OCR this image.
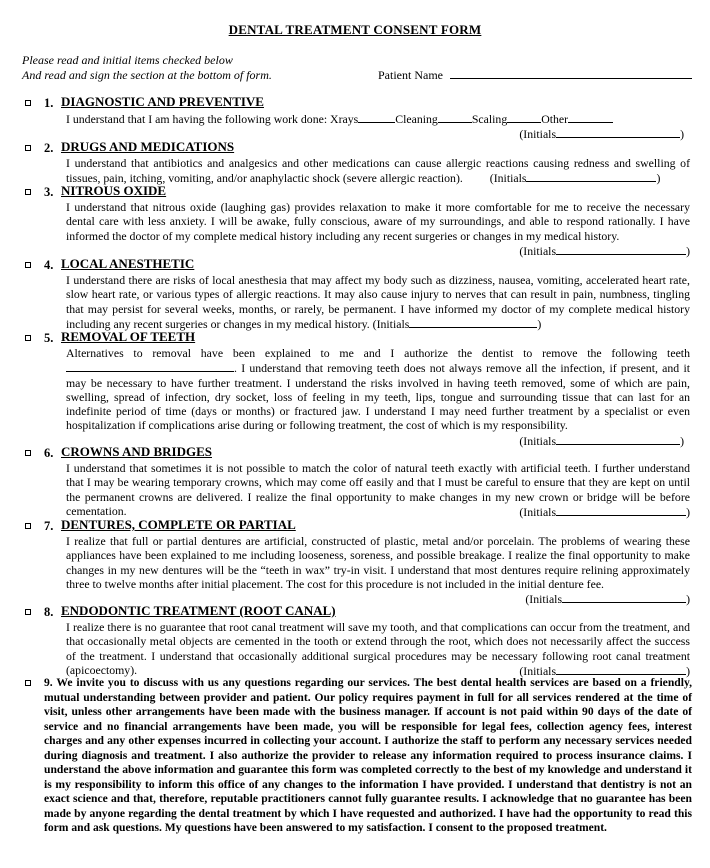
DENTAL TREATMENT CONSENT FORM
Please read and initial items checked below
And read and sign the section at the bottom of form.	Patient Name
1. DIAGNOSTIC AND PREVENTIVE
I understand that I am having the following work done: Xrays	Cleaning	Scaling	Other
(Initials	)
2. DRUGS AND MEDICATIONS
I understand that antibiotics and analgesics and other medications can cause allergic reactions causing redness and swelling of tissues, pain, itching, vomiting, and/or anaphylactic shock (severe allergic reaction). (Initials	)
3. NITROUS OXIDE
I understand that nitrous oxide (laughing gas) provides relaxation to make it more comfortable for me to receive the necessary dental care with less anxiety. I will be awake, fully conscious, aware of my surroundings, and able to respond rationally. I have informed the doctor of my complete medical history including any recent surgeries or changes in my medical history.
(Initials	)
4. LOCAL ANESTHETIC
I understand there are risks of local anesthesia that may affect my body such as dizziness, nausea, vomiting, accelerated heart rate, slow heart rate, or various types of allergic reactions. It may also cause injury to nerves that can result in pain, numbness, tingling that may persist for several weeks, months, or rarely, be permanent. I have informed my doctor of my complete medical history including any recent surgeries or changes in my medical history. (Initials	)
5. REMOVAL OF TEETH
Alternatives to removal have been explained to me and I authorize the dentist to remove the following teeth . I understand that removing teeth does not always remove all the infection, if present, and it may be necessary to have further treatment. I understand the risks involved in having teeth removed, some of which are pain, swelling, spread of infection, dry socket, loss of feeling in my teeth, lips, tongue and surrounding tissue that can last for an indefinite period of time (days or months) or fractured jaw. I understand I may need further treatment by a specialist or even hospitalization if complications arise during or following treatment, the cost of which is my responsibility.
(Initials	)
6. CROWNS AND BRIDGES
I understand that sometimes it is not possible to match the color of natural teeth exactly with artificial teeth. I further understand that I may be wearing temporary crowns, which may come off easily and that I must be careful to ensure that they are kept on until the permanent crowns are delivered. I realize the final opportunity to make changes in my new crown or bridge will be before cementation.	(Initials	)
7. DENTURES, COMPLETE OR PARTIAL
I realize that full or partial dentures are artificial, constructed of plastic, metal and/or porcelain. The problems of wearing these appliances have been explained to me including looseness, soreness, and possible breakage. I realize the final opportunity to make changes in my new dentures will be the “teeth in wax” try-in visit. I understand that most dentures require relining approximately three to twelve months after initial placement. The cost for this procedure is not included in the initial denture fee.
(Initials	)
8. ENDODONTIC TREATMENT (ROOT CANAL)
I realize there is no guarantee that root canal treatment will save my tooth, and that complications can occur from the treatment, and that occasionally metal objects are cemented in the tooth or extend through the root, which does not necessarily affect the success of the treatment. I understand that occasionally additional surgical procedures may be necessary following root canal treatment (apicoectomy).	(Initials	)
9. We invite you to discuss with us any questions regarding our services. The best dental health services are based on a friendly, mutual understanding between provider and patient. Our policy requires payment in full for all services rendered at the time of visit, unless other arrangements have been made with the business manager. If account is not paid within 90 days of the date of service and no financial arrangements have been made, you will be responsible for legal fees, collection agency fees, interest charges and any other expenses incurred in collecting your account. I authorize the staff to perform any necessary services needed during diagnosis and treatment. I also authorize the provider to release any information required to process insurance claims. I understand the above information and guarantee this form was completed correctly to the best of my knowledge and understand it is my responsibility to inform this office of any changes to the information I have provided. I understand that dentistry is not an exact science and that, therefore, reputable practitioners cannot fully guarantee results. I acknowledge that no guarantee has been made by anyone regarding the dental treatment by which I have requested and authorized. I have had the opportunity to read this form and ask questions. My questions have been answered to my satisfaction. I consent to the proposed treatment.
